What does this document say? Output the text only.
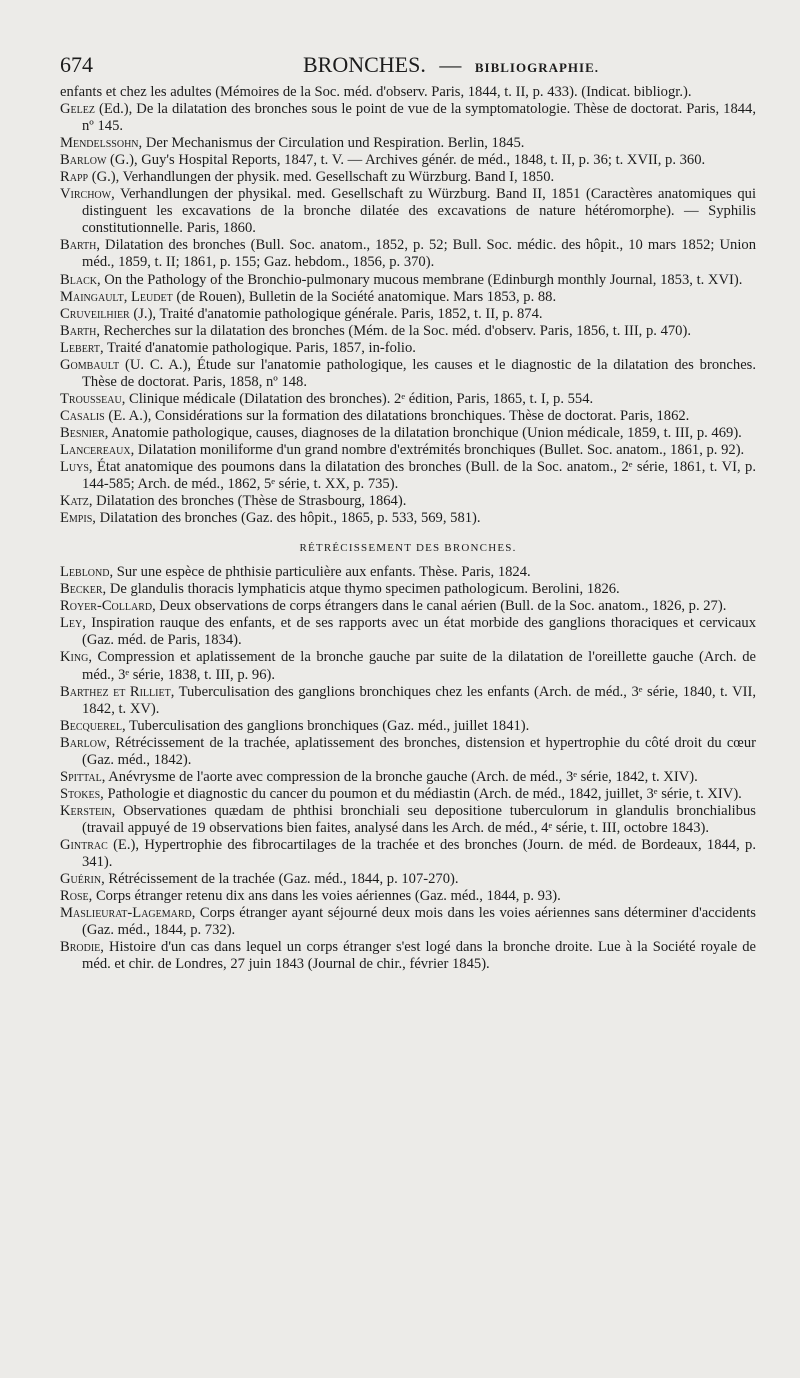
674	BRONCHES. — BIBLIOGRAPHIE.

enfants et chez les adultes (Mémoires de la Soc. méd. d'observ. Paris, 1844, t. II, p. 433). (Indicat. bibliogr.).

Gelez (Ed.), De la dilatation des bronches sous le point de vue de la symptomatologie. Thèse de doctorat. Paris, 1844, nº 145.

Mendelssohn, Der Mechanismus der Circulation und Respiration. Berlin, 1845.

Barlow (G.), Guy's Hospital Reports, 1847, t. V. — Archives génér. de méd., 1848, t. II, p. 36; t. XVII, p. 360.

Rapp (G.), Verhandlungen der physik. med. Gesellschaft zu Würzburg. Band I, 1850.

Virchow, Verhandlungen der physikal. med. Gesellschaft zu Würzburg. Band II, 1851 (Caractères anatomiques qui distinguent les excavations de la bronche dilatée des excavations de nature hétéromorphe). — Syphilis constitutionnelle. Paris, 1860.

Barth, Dilatation des bronches (Bull. Soc. anatom., 1852, p. 52; Bull. Soc. médic. des hôpit., 10 mars 1852; Union méd., 1859, t. II; 1861, p. 155; Gaz. hebdom., 1856, p. 370).

Black, On the Pathology of the Bronchio-pulmonary mucous membrane (Edinburgh monthly Journal, 1853, t. XVI).

Maingault, Leudet (de Rouen), Bulletin de la Société anatomique. Mars 1853, p. 88.

Cruveilhier (J.), Traité d'anatomie pathologique générale. Paris, 1852, t. II, p. 874.

Barth, Recherches sur la dilatation des bronches (Mém. de la Soc. méd. d'observ. Paris, 1856, t. III, p. 470).

Lebert, Traité d'anatomie pathologique. Paris, 1857, in-folio.

Gombault (U. C. A.), Étude sur l'anatomie pathologique, les causes et le diagnostic de la dilatation des bronches. Thèse de doctorat. Paris, 1858, nº 148.

Trousseau, Clinique médicale (Dilatation des bronches). 2ᵉ édition, Paris, 1865, t. I, p. 554.

Casalis (E. A.), Considérations sur la formation des dilatations bronchiques. Thèse de doctorat. Paris, 1862.

Besnier, Anatomie pathologique, causes, diagnoses de la dilatation bronchique (Union médicale, 1859, t. III, p. 469).

Lancereaux, Dilatation moniliforme d'un grand nombre d'extrémités bronchiques (Bullet. Soc. anatom., 1861, p. 92).

Luys, État anatomique des poumons dans la dilatation des bronches (Bull. de la Soc. anatom., 2ᵉ série, 1861, t. VI, p. 144-585; Arch. de méd., 1862, 5ᵉ série, t. XX, p. 735).

Katz, Dilatation des bronches (Thèse de Strasbourg, 1864).

Empis, Dilatation des bronches (Gaz. des hôpit., 1865, p. 533, 569, 581).

RÉTRÉCISSEMENT DES BRONCHES.

Leblond, Sur une espèce de phthisie particulière aux enfants. Thèse. Paris, 1824.

Becker, De glandulis thoracis lymphaticis atque thymo specimen pathologicum. Berolini, 1826.

Royer-Collard, Deux observations de corps étrangers dans le canal aérien (Bull. de la Soc. anatom., 1826, p. 27).

Ley, Inspiration rauque des enfants, et de ses rapports avec un état morbide des ganglions thoraciques et cervicaux (Gaz. méd. de Paris, 1834).

King, Compression et aplatissement de la bronche gauche par suite de la dilatation de l'oreillette gauche (Arch. de méd., 3ᵉ série, 1838, t. III, p. 96).

Barthez et Rilliet, Tuberculisation des ganglions bronchiques chez les enfants (Arch. de méd., 3ᵉ série, 1840, t. VII, 1842, t. XV).

Becquerel, Tuberculisation des ganglions bronchiques (Gaz. méd., juillet 1841).

Barlow, Rétrécissement de la trachée, aplatissement des bronches, distension et hypertrophie du côté droit du cœur (Gaz. méd., 1842).

Spittal, Anévrysme de l'aorte avec compression de la bronche gauche (Arch. de méd., 3ᵉ série, 1842, t. XIV).

Stokes, Pathologie et diagnostic du cancer du poumon et du médiastin (Arch. de méd., 1842, juillet, 3ᵉ série, t. XIV).

Kerstein, Observationes quædam de phthisi bronchiali seu depositione tuberculorum in glandulis bronchialibus (travail appuyé de 19 observations bien faites, analysé dans les Arch. de méd., 4ᵉ série, t. III, octobre 1843).

Gintrac (E.), Hypertrophie des fibrocartilages de la trachée et des bronches (Journ. de méd. de Bordeaux, 1844, p. 341).

Guérin, Rétrécissement de la trachée (Gaz. méd., 1844, p. 107-270).

Rose, Corps étranger retenu dix ans dans les voies aériennes (Gaz. méd., 1844, p. 93).

Maslieurat-Lagemard, Corps étranger ayant séjourné deux mois dans les voies aériennes sans déterminer d'accidents (Gaz. méd., 1844, p. 732).

Brodie, Histoire d'un cas dans lequel un corps étranger s'est logé dans la bronche droite. Lue à la Société royale de méd. et chir. de Londres, 27 juin 1843 (Journal de chir., février 1845).
